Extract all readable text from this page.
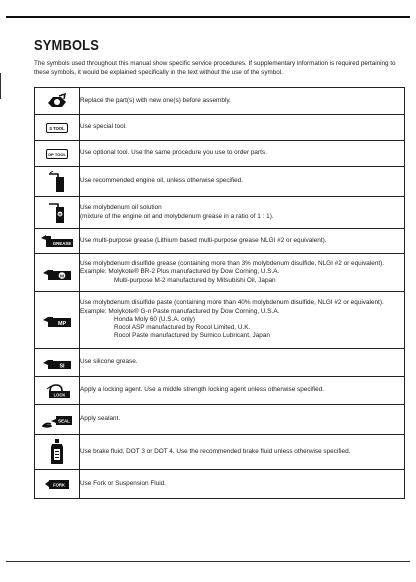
SYMBOLS
The symbols used throughout this manual show specific service procedures. If supplementary information is required pertaining to these symbols, it would be explained specifically in the text without the use of the symbol.
	Replace the part(s) with new one(s) before assembly.

S TOOL	Use special tool.

OP TOOL	Use optional tool. Use the same procedure you use to order parts.

	Use recommended engine oil, unless otherwise specified.

M	Use molybdenum oil solution
(mixture of the engine oil and molybdenum grease in a ratio of 1 : 1).

GREASE	Use multi-purpose grease (Lithium based multi-purpose grease NLGI #2 or equivalent).

M	Use molybdenum disulfide grease (containing more than 3% molybdenum disulfide, NLGI #2 or equivalent).
Example: Molykote® BR-2 Plus manufactured by Dow Corning, U.S.A.

Multi-purpose M-2 manufactured by Mitsubishi Oil, Japan

MP	Use molybdenum disulfide paste (containing more than 40% molybdenum disulfide, NLGI #2 or equivalent).
Example: Molykote® G-n Paste manufactured by Dow Corning, U.S.A.

Honda Moly 60 (U.S.A. only)
Rocol ASP manufactured by Rocol Limited, U.K.
Rocol Paste manufactured by Sumico Lubricant, Japan

SI	Use silicone grease.

LOCK	Apply a locking agent. Use a middle strength locking agent unless otherwise specified.

SEAL	Apply sealant.

	Use brake fluid, DOT 3 or DOT 4. Use the recommended brake fluid unless otherwise specified.

FORK	Use Fork or Suspension Fluid.
